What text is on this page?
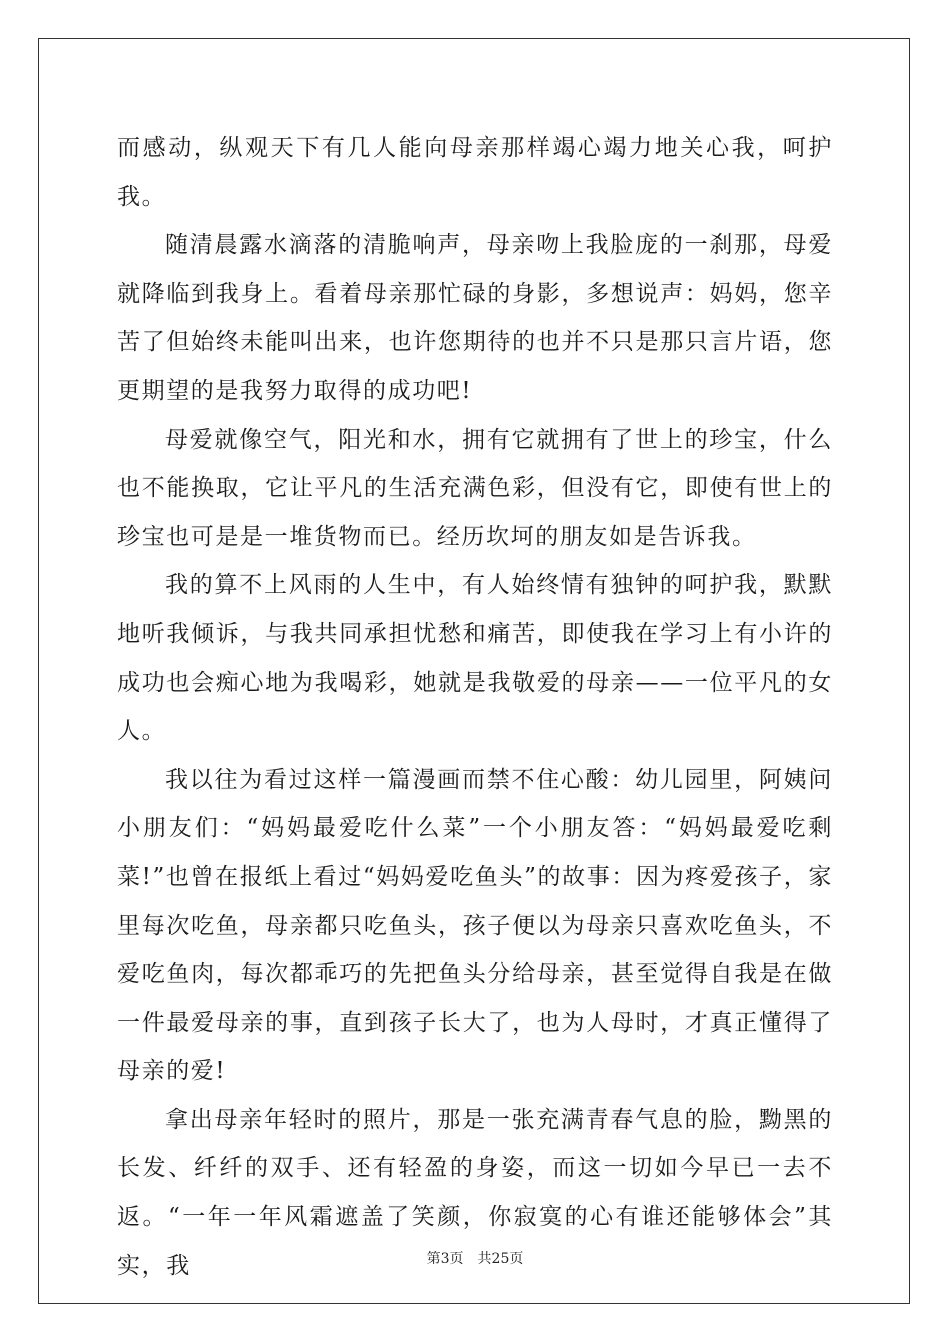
而感动，纵观天下有几人能向母亲那样竭心竭力地关心我，呵护我。

随清晨露水滴落的清脆响声，母亲吻上我脸庞的一刹那，母爱就降临到我身上。看着母亲那忙碌的身影，多想说声：妈妈，您辛苦了但始终未能叫出来，也许您期待的也并不只是那只言片语，您更期望的是我努力取得的成功吧!

母爱就像空气，阳光和水，拥有它就拥有了世上的珍宝，什么也不能换取，它让平凡的生活充满色彩，但没有它，即使有世上的珍宝也可是是一堆货物而已。经历坎坷的朋友如是告诉我。

我的算不上风雨的人生中，有人始终情有独钟的呵护我，默默地听我倾诉，与我共同承担忧愁和痛苦，即使我在学习上有小许的成功也会痴心地为我喝彩，她就是我敬爱的母亲——一位平凡的女人。

我以往为看过这样一篇漫画而禁不住心酸：幼儿园里，阿姨问小朋友们：“妈妈最爱吃什么菜”一个小朋友答：“妈妈最爱吃剩菜!”也曾在报纸上看过“妈妈爱吃鱼头”的故事：因为疼爱孩子，家里每次吃鱼，母亲都只吃鱼头，孩子便以为母亲只喜欢吃鱼头，不爱吃鱼肉，每次都乖巧的先把鱼头分给母亲，甚至觉得自我是在做一件最爱母亲的事，直到孩子长大了，也为人母时，才真正懂得了母亲的爱!

拿出母亲年轻时的照片，那是一张充满青春气息的脸，黝黑的长发、纤纤的双手、还有轻盈的身姿，而这一切如今早已一去不返。“一年一年风霜遮盖了笑颜，你寂寞的心有谁还能够体会”其实，我	第3页 共25页
